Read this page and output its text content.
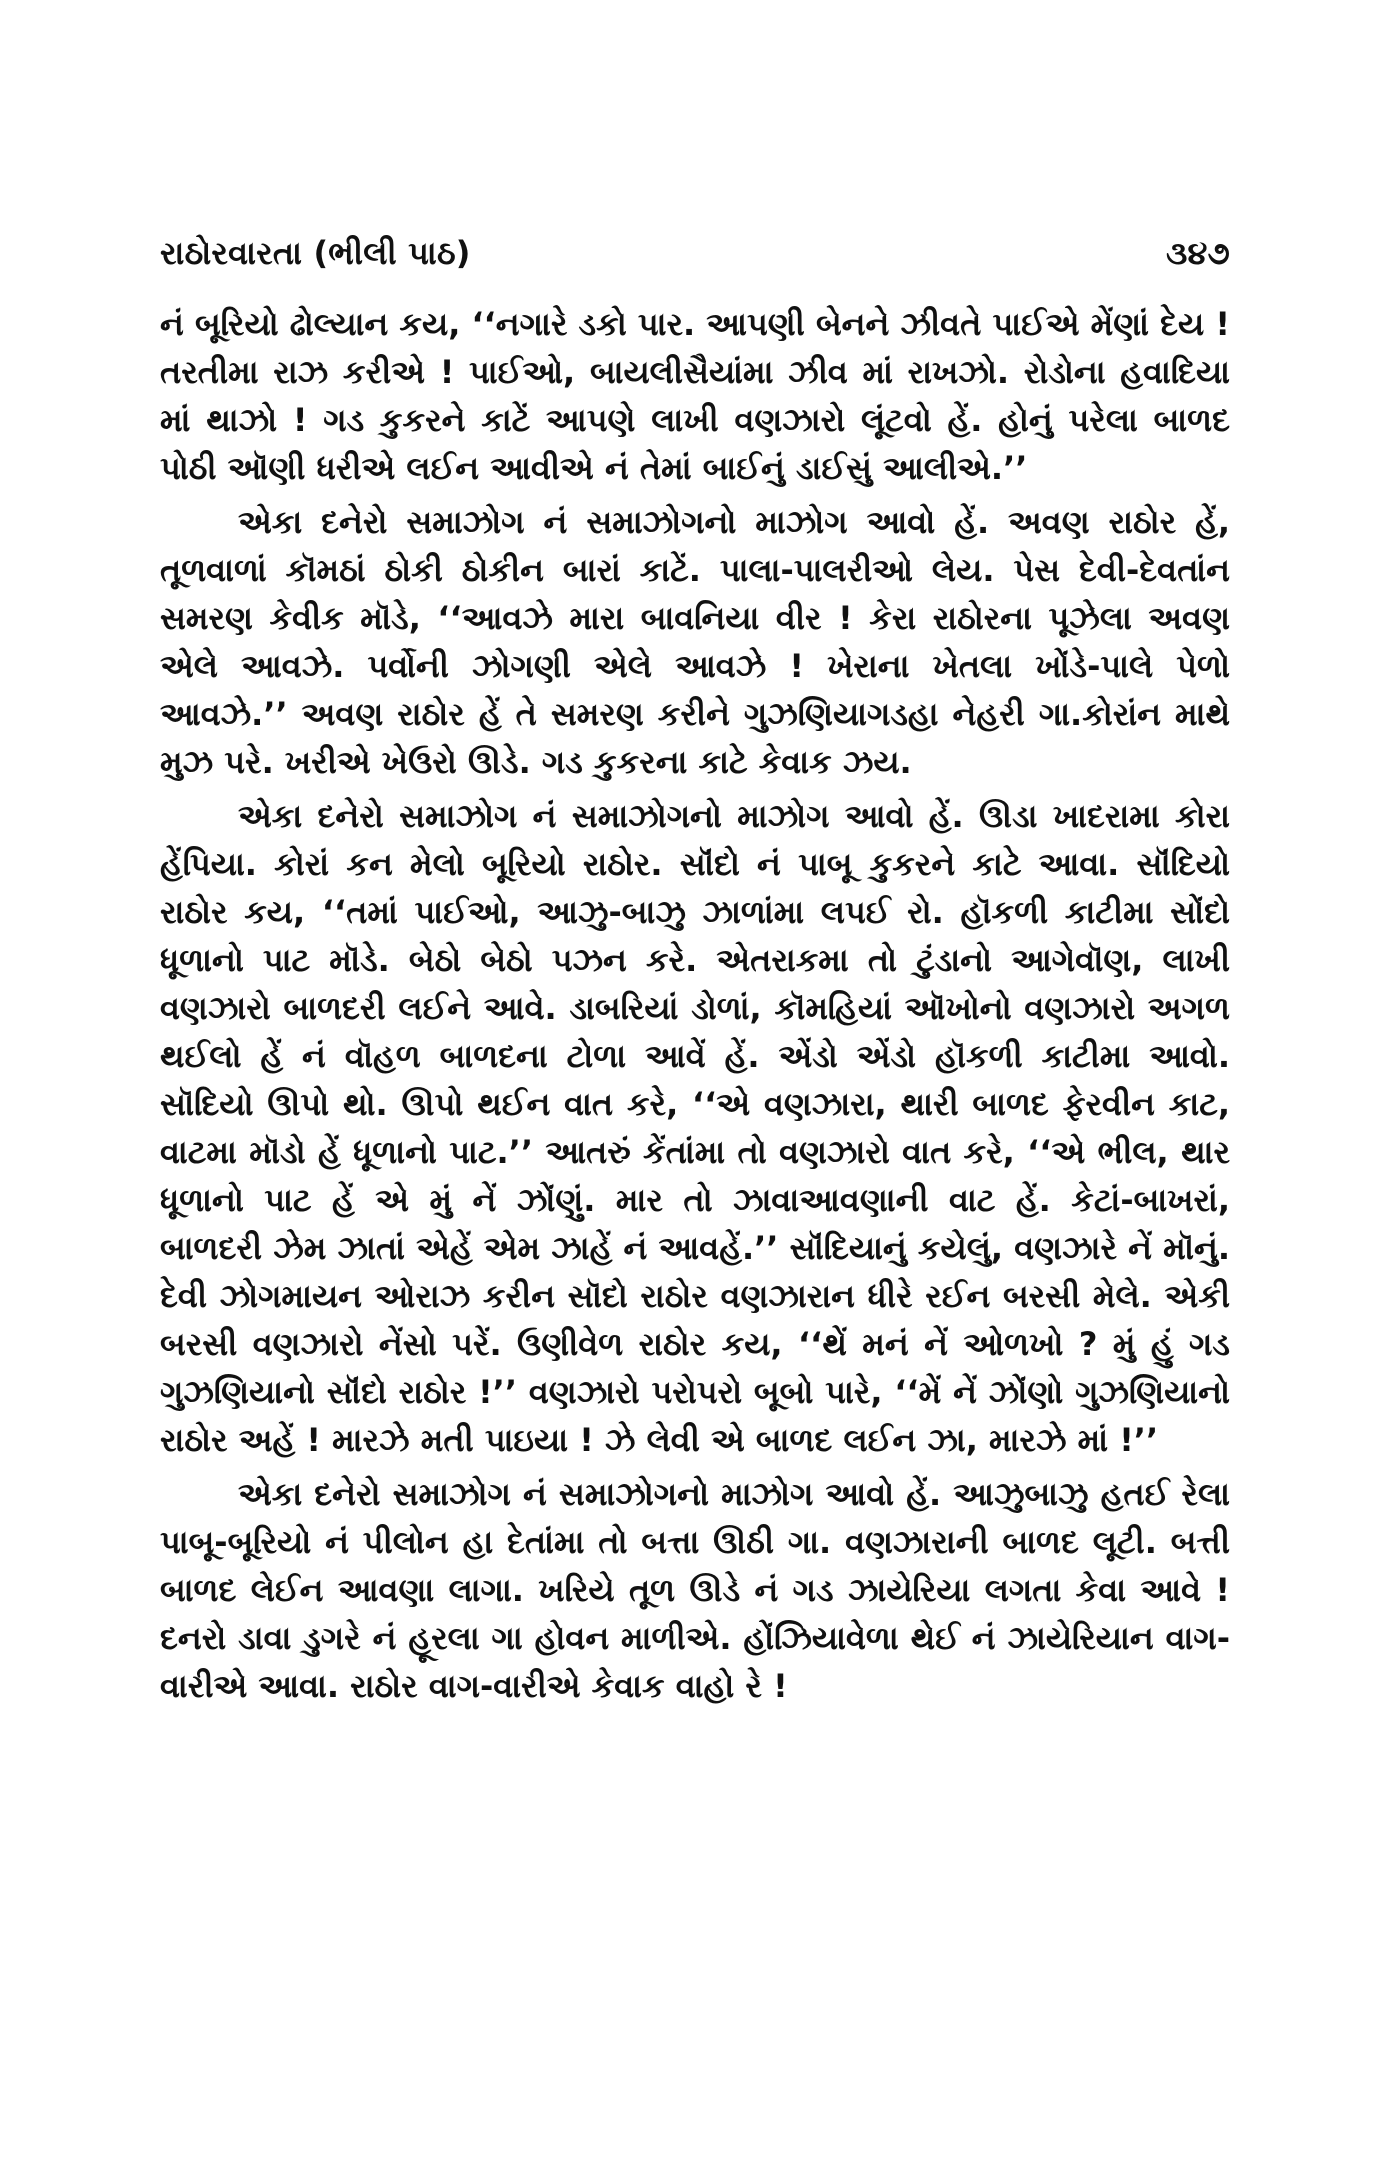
રાઠોરવારતા (ભીલી પાઠ)	૩૪૭

નં બૂરિયો ઢોલ્યાન કય, ‘‘નગારે ડકો પાર. આપણી બેનને ઝીવતે પાઈએ મેંણાં દેય ! તરતીમા રાઝ કરીએ ! પાઈઓ, બાયલીસૈયાંમા ઝીવ માં રાખઝો. રોડોના હવાદિયા માં થાઝો ! ગડ કુકરને કાટેં આપણે લાખી વણઝારો લૂંટવો હેં. હોનું પરેલા બાળદ પોઠી ઑણી ધરીએ લઈન આવીએ નં તેમાં બાઈનું ડાઈસું આલીએ.’’

એકા દનેરો સમાઝોગ નં સમાઝોગનો માઝોગ આવો હેં. અવણ રાઠોર હેં, તૂળવાળાં કૉમઠાં ઠોકી ઠોકીન બારાં કાટેં. પાલા-પાલરીઓ લેય. પેસ દેવી-દેવતાંન સમરણ કેવીક મૉડે, ‘‘આવઝે મારા બાવનિયા વીર ! કેરા રાઠોરના પૂઝેલા અવણ એલે આવઝે. પર્વોની ઝોગણી એલે આવઝે ! ખેરાના ખેતલા ખોંડે-પાલે પેળો આવઝે.’’ અવણ રાઠોર હેં તે સમરણ કરીને ગુઝણિયાગડહા નેહરી ગા.કોરાંન માથે મુઝ પરે. ખરીએ ખેઉરો ઊડે. ગડ કુકરના કાટે કેવાક ઝય.

એકા દનેરો સમાઝોગ નં સમાઝોગનો માઝોગ આવો હેં. ઊડા ખાદરામા કોરા હેંપિયા. કોરાં કન મેલો બૂરિયો રાઠોર. સૉંદો નં પાબૂ કુકરને કાટે આવા. સૉંદિયો રાઠોર કય, ‘‘તમાં પાઈઓ, આઝુ-બાઝુ ઝાળાંમા લપઈ રો. હૉકળી કાટીમા સોંદો ધૂળાનો પાટ મૉડે. બેઠો બેઠો પઝન કરે. એતરાકમા તો ટુંડાનો આગેવૉણ, લાખી વણઝારો બાળદરી લઈને આવે. ડાબરિયાં ડોળાં, કૉમહિયાં ઑખોનો વણઝારો અગળ થઈલો હેં નં વૉહળ બાળદના ટોળા આવેં હેં. એંડો એંડો હૉકળી કાટીમા આવો. સૉદિયો ઊપો થો. ઊપો થઈન વાત કરે, ‘‘એ વણઝારા, થારી બાળદ ફેરવીન કાટ, વાટમા મૉડો હેં ધૂળાનો પાટ.’’ આતરું કેંતાંમા તો વણઝારો વાત કરે, ‘‘એ ભીલ, થાર ધૂળાનો પાટ હેં એ મું નેં ઝોંણું. માર તો ઝાવાઆવણાની વાટ હેં. કેટાં-બાખરાં, બાળદરી ઝેમ ઝાતાં એહેં એમ ઝાહેં નં આવહેં.’’ સૉંદિયાનું કયેલું, વણઝારે નેં મૉનું. દેવી ઝોગમાયન ઓરાઝ કરીન સૉદો રાઠોર વણઝારાન ધીરે રઈન બરસી મેલે. એકી બરસી વણઝારો નેંસો પરેં. ઉણીવેળ રાઠોર કય, ‘‘થેં મનં નેં ઓળખો ? મું હું ગડ ગુઝણિયાનો સૉંદો રાઠોર !’’ વણઝારો પરોપરો બૂબો પારે, ‘‘મેં નેં ઝોંણો ગુઝણિયાનો રાઠોર અહેં ! મારઝે મતી પાઇયા ! ઝે લેવી એ બાળદ લઈન ઝા, મારઝે માં !’’

એકા દનેરો સમાઝોગ નં સમાઝોગનો માઝોગ આવો હેં. આઝુબાઝુ હતઈ રેલા પાબૂ-બૂરિયો નં પીલોન હા દેતાંમા તો બત્તા ઊઠી ગા. વણઝારાની બાળદ લૂટી. બત્તી બાળદ લેઈન આવણા લાગા. ખરિયે તૂળ ઊડે નં ગડ ઝાયેરિયા લગતા કેવા આવે ! દનરો ડાવા ડુગરે નં હૂરલા ગા હોવન માળીએ. હોંઝિયાવેળા થેઈ નં ઝાયેરિયાન વાગ-વારીએ આવા. રાઠોર વાગ-વારીએ કેવાક વાહો રે !
